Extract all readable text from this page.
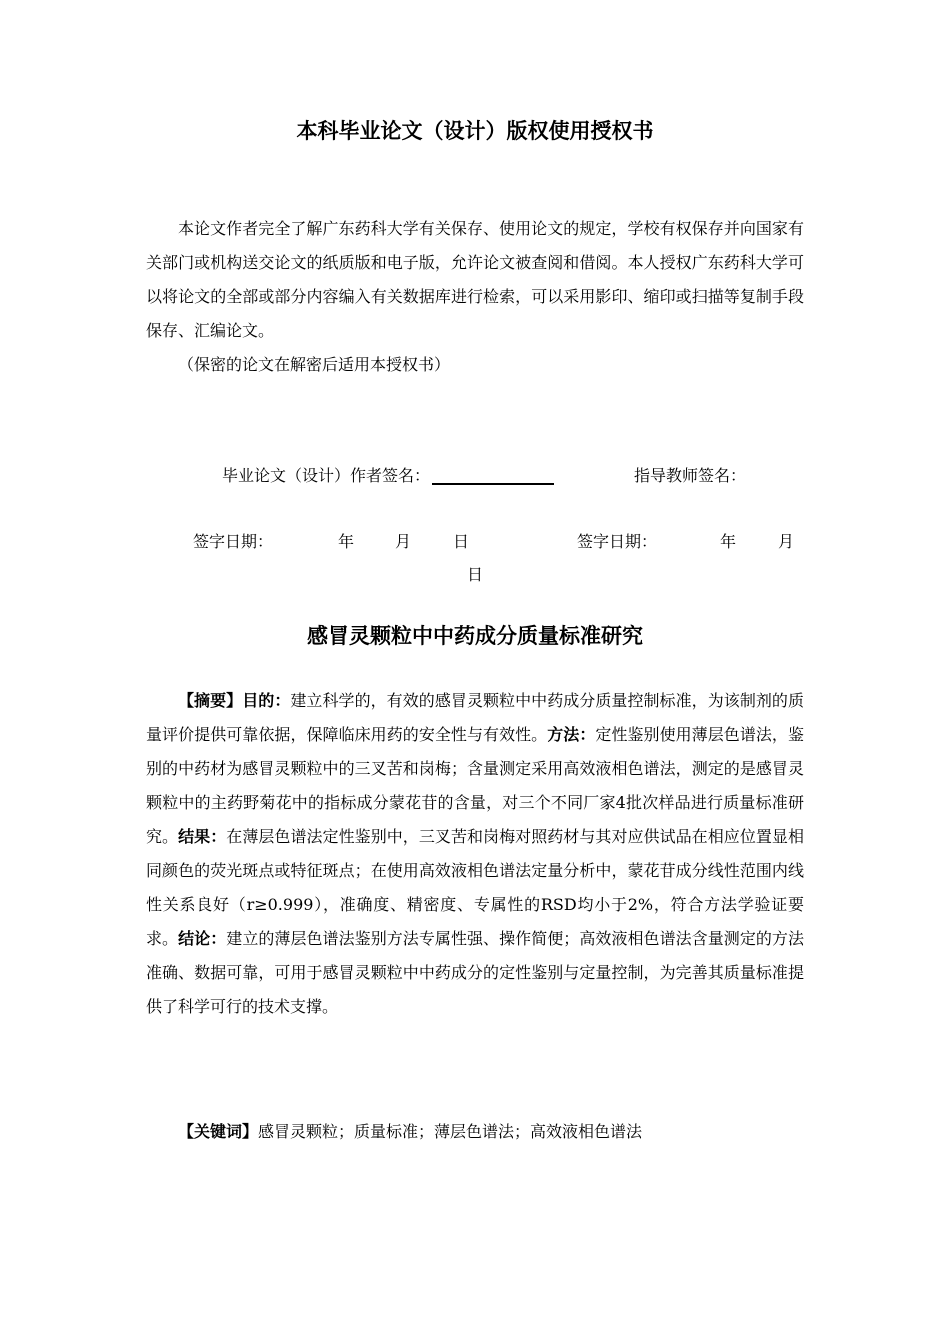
本科毕业论文（设计）版权使用授权书

本论文作者完全了解广东药科大学有关保存、使用论文的规定，学校有权保存并向国家有关部门或机构送交论文的纸质版和电子版，允许论文被查阅和借阅。本人授权广东药科大学可以将论文的全部或部分内容编入有关数据库进行检索，可以采用影印、缩印或扫描等复制手段保存、汇编论文。

（保密的论文在解密后适用本授权书）

毕业论文（设计）作者签名：	指导教师签名：
签字日期：	年	月	日	签字日期：	年	月
日
感冒灵颗粒中中药成分质量标准研究

【摘要】目的：建立科学的，有效的感冒灵颗粒中中药成分质量控制标准，为该制剂的质量评价提供可靠依据，保障临床用药的安全性与有效性。方法：定性鉴别使用薄层色谱法，鉴别的中药材为感冒灵颗粒中的三叉苦和岗梅；含量测定采用高效液相色谱法，测定的是感冒灵颗粒中的主药野菊花中的指标成分蒙花苷的含量，对三个不同厂家4批次样品进行质量标准研究。结果：在薄层色谱法定性鉴别中，三叉苦和岗梅对照药材与其对应供试品在相应位置显相同颜色的荧光斑点或特征斑点；在使用高效液相色谱法定量分析中，蒙花苷成分线性范围内线性关系良好（r≥0.999），准确度、精密度、专属性的RSD均小于2%，符合方法学验证要求。结论：建立的薄层色谱法鉴别方法专属性强、操作简便；高效液相色谱法含量测定的方法准确、数据可靠，可用于感冒灵颗粒中中药成分的定性鉴别与定量控制，为完善其质量标准提供了科学可行的技术支撑。

【关键词】感冒灵颗粒；质量标准；薄层色谱法；高效液相色谱法
